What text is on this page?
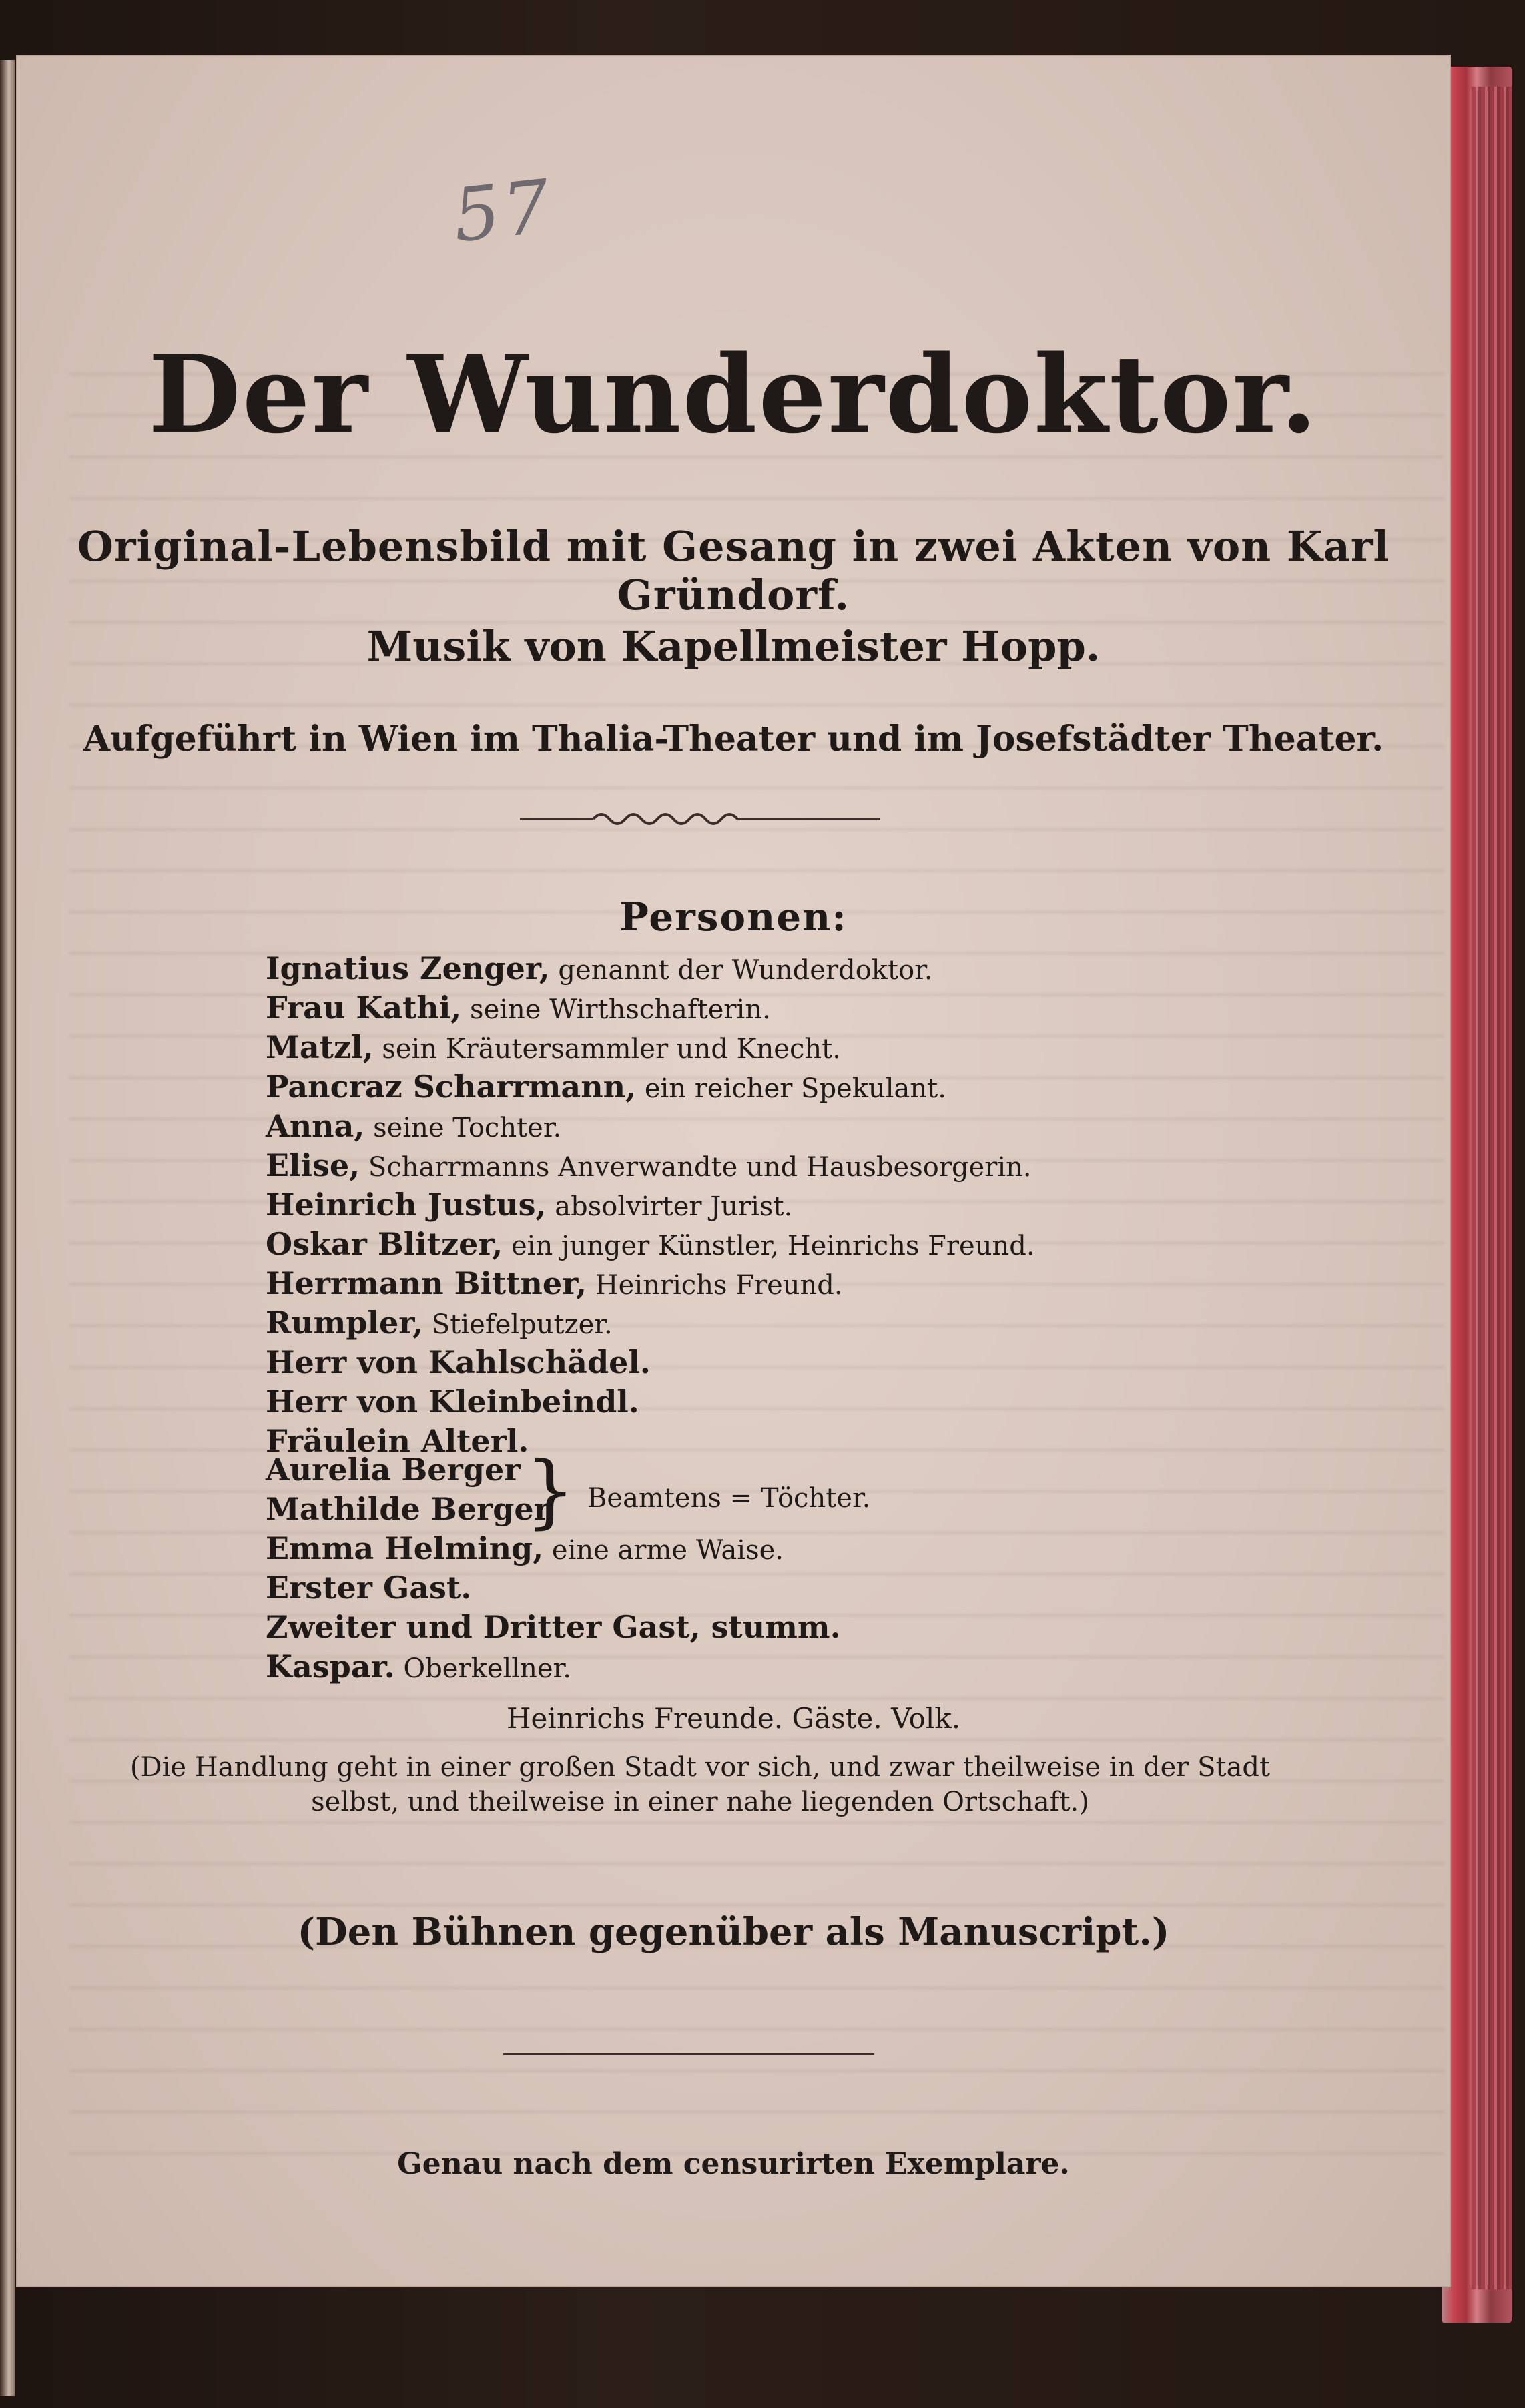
57
Der Wunderdoktor.
Original-Lebensbild mit Gesang in zwei Akten von Karl Gründorf.
Musik von Kapellmeister Hopp.
Aufgeführt in Wien im Thalia-Theater und im Josefstädter Theater.
Personen:
Ignatius Zenger, genannt der Wunderdoktor.
Frau Kathi, seine Wirthschafterin.
Matzl, sein Kräutersammler und Knecht.
Pancraz Scharrmann, ein reicher Spekulant.
Anna, seine Tochter.
Elise, Scharrmanns Anverwandte und Hausbesorgerin.
Heinrich Justus, absolvirter Jurist.
Oskar Blitzer, ein junger Künstler, Heinrichs Freund.
Herrmann Bittner, Heinrichs Freund.
Rumpler, Stiefelputzer.
Herr von Kahlschädel.
Herr von Kleinbeindl.
Fräulein Alterl.
Aurelia Berger
Mathilde Berger
} Beamtens = Töchter.
Emma Helming, eine arme Waise.
Erster Gast.
Zweiter und Dritter Gast, stumm.
Kaspar. Oberkellner.
Heinrichs Freunde. Gäste. Volk.
(Die Handlung geht in einer großen Stadt vor sich, und zwar theilweise in der Stadt selbst, und theilweise in einer nahe liegenden Ortschaft.)
(Den Bühnen gegenüber als Manuscript.)
Genau nach dem censurirten Exemplare.
